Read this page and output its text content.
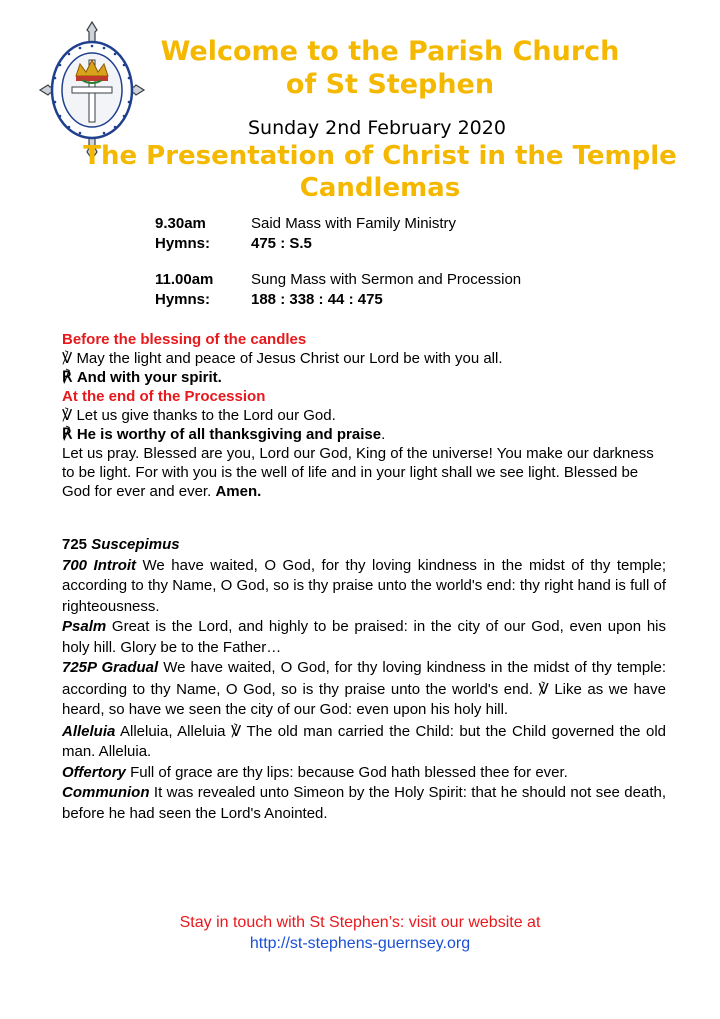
Welcome to the Parish Church
of St Stephen
Sunday 2nd February 2020
The Presentation of Christ in the Temple
Candlemas
9.30am	Said Mass with Family Ministry
Hymns:	475 : S.5
11.00am	Sung Mass with Sermon and Procession
Hymns:	188 : 338 : 44 : 475
Before the blessing of the candles
℣ May the light and peace of Jesus Christ our Lord be with you all.
℟ And with your spirit.
At the end of the Procession
℣ Let us give thanks to the Lord our God.
℟ He is worthy of all thanksgiving and praise.
Let us pray. Blessed are you, Lord our God, King of the universe! You make our darkness to be light. For with you is the well of life and in your light shall we see light. Blessed be God for ever and ever. Amen.

725 Suscepimus

700 Introit We have waited, O God, for thy loving kindness in the midst of thy temple; according to thy Name, O God, so is thy praise unto the world's end: thy right hand is full of righteousness.

Psalm Great is the Lord, and highly to be praised: in the city of our God, even upon his holy hill. Glory be to the Father…

725P Gradual We have waited, O God, for thy loving kindness in the midst of thy temple: according to thy Name, O God, so is thy praise unto the world's end. ℣ Like as we have heard, so have we seen the city of our God: even upon his holy hill.

Alleluia Alleluia, Alleluia ℣ The old man carried the Child: but the Child governed the old man. Alleluia.

Offertory Full of grace are thy lips: because God hath blessed thee for ever.

Communion It was revealed unto Simeon by the Holy Spirit: that he should not see death, before he had seen the Lord's Anointed.

Stay in touch with St Stephen’s: visit our website at
http://st-stephens-guernsey.org
